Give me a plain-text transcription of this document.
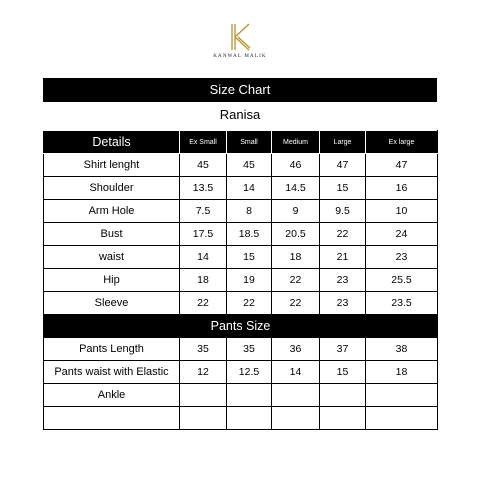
KANWAL MALIK
Size Chart
Ranisa
Details	Ex Small	Small	Medium	Large	Ex large
Shirt lenght	45	45	46	47	47
Shoulder	13.5	14	14.5	15	16
Arm Hole	7.5	8	9	9.5	10
Bust	17.5	18.5	20.5	22	24
waist	14	15	18	21	23
Hip	18	19	22	23	25.5
Sleeve	22	22	22	23	23.5
Pants Size					
Pants Length	35	35	36	37	38
Pants waist with Elastic	12	12.5	14	15	18
Ankle					
